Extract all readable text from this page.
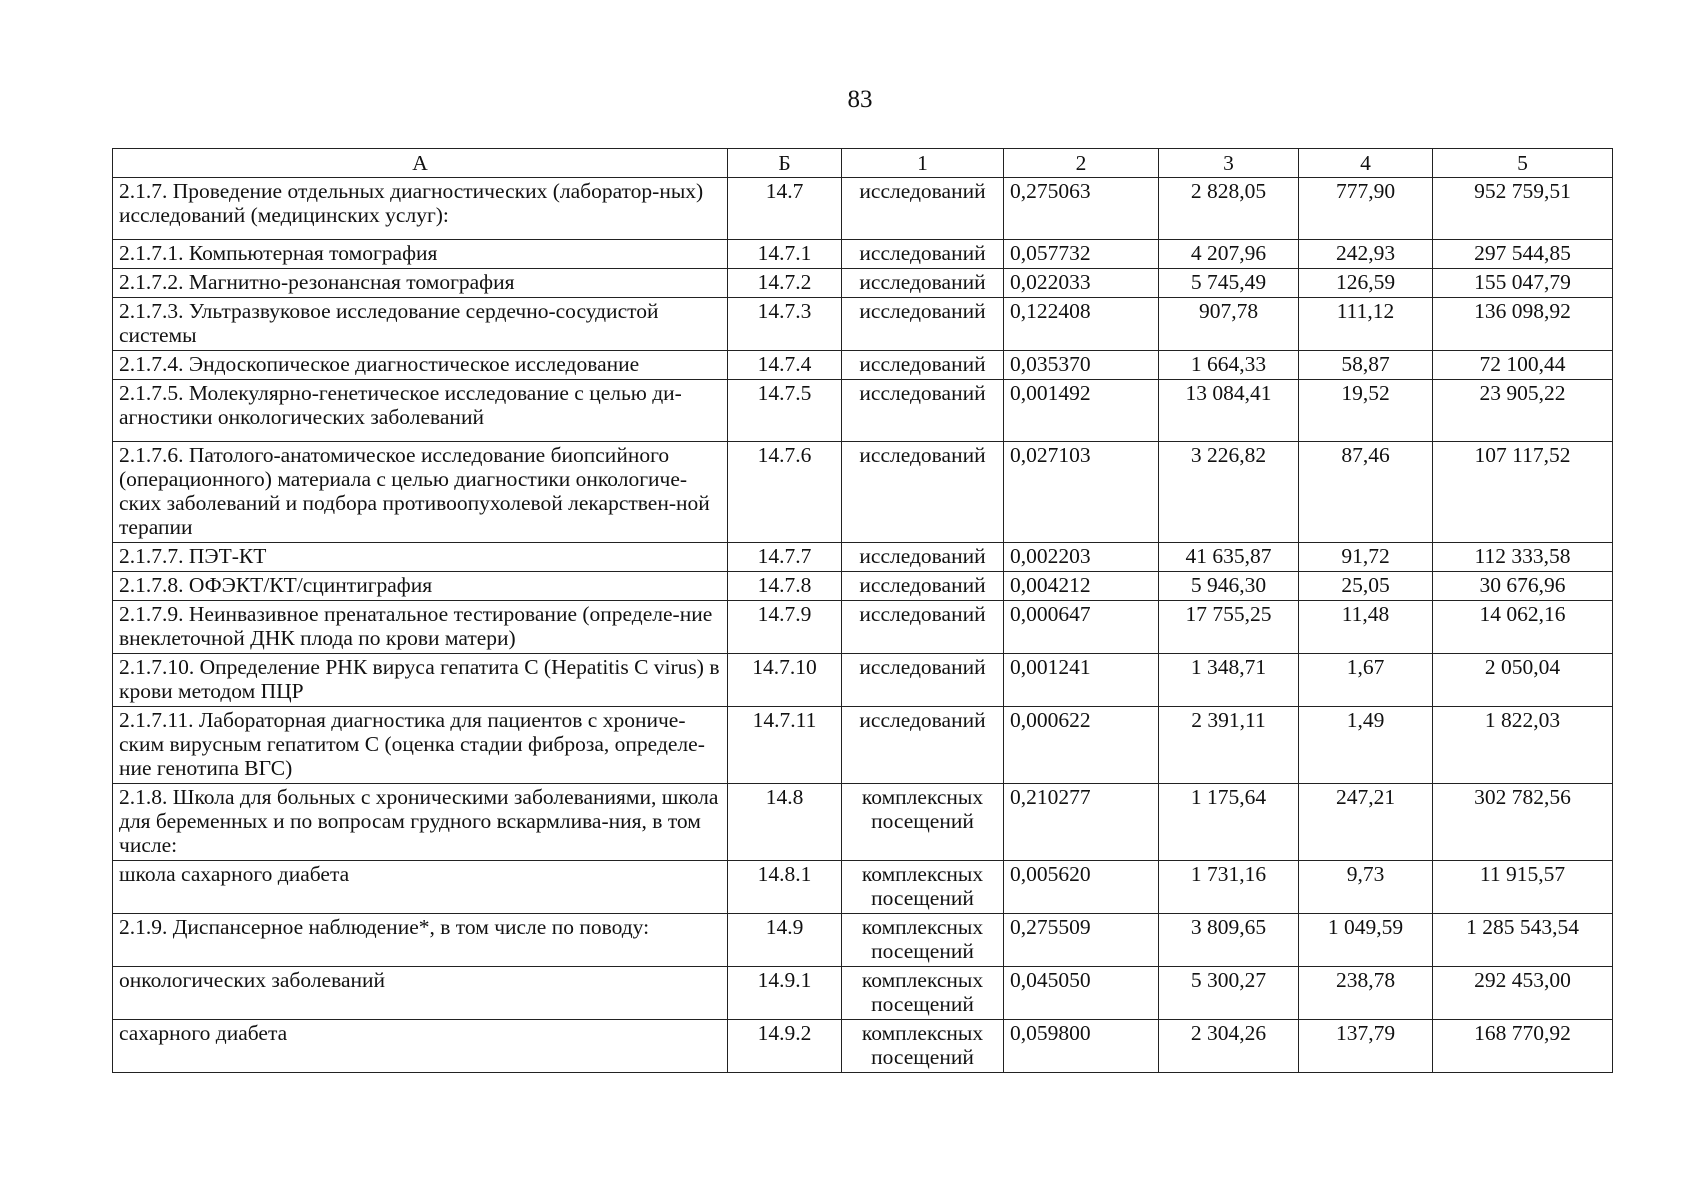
83
А	Б	1	2	3	4	5
2.1.7. Проведение отдельных диагностических (лаборатор-ных) исследований (медицинских услуг):	14.7	исследований	0,275063	2 828,05	777,90	952 759,51
2.1.7.1. Компьютерная томография	14.7.1	исследований	0,057732	4 207,96	242,93	297 544,85
2.1.7.2. Магнитно-резонансная томография	14.7.2	исследований	0,022033	5 745,49	126,59	155 047,79
2.1.7.3. Ультразвуковое исследование сердечно-сосудистой системы	14.7.3	исследований	0,122408	907,78	111,12	136 098,92
2.1.7.4. Эндоскопическое диагностическое исследование	14.7.4	исследований	0,035370	1 664,33	58,87	72 100,44
2.1.7.5. Молекулярно-генетическое исследование с целью ди-агностики онкологических заболеваний	14.7.5	исследований	0,001492	13 084,41	19,52	23 905,22
2.1.7.6. Патолого-анатомическое исследование биопсийного (операционного) материала с целью диагностики онкологиче-ских заболеваний и подбора противоопухолевой лекарствен-ной терапии	14.7.6	исследований	0,027103	3 226,82	87,46	107 117,52
2.1.7.7. ПЭТ-КТ	14.7.7	исследований	0,002203	41 635,87	91,72	112 333,58
2.1.7.8. ОФЭКТ/КТ/сцинтиграфия	14.7.8	исследований	0,004212	5 946,30	25,05	30 676,96
2.1.7.9. Неинвазивное пренатальное тестирование (определе-ние внеклеточной ДНК плода по крови матери)	14.7.9	исследований	0,000647	17 755,25	11,48	14 062,16
2.1.7.10. Определение РНК вируса гепатита С (Hepatitis С virus) в крови методом ПЦР	14.7.10	исследований	0,001241	1 348,71	1,67	2 050,04
2.1.7.11. Лабораторная диагностика для пациентов с хрониче-ским вирусным гепатитом С (оценка стадии фиброза, определе-ние генотипа ВГС)	14.7.11	исследований	0,000622	2 391,11	1,49	1 822,03
2.1.8. Школа для больных с хроническими заболеваниями, школа для беременных и по вопросам грудного вскармлива-ния, в том числе:	14.8	комплексных посещений	0,210277	1 175,64	247,21	302 782,56
школа сахарного диабета	14.8.1	комплексных посещений	0,005620	1 731,16	9,73	11 915,57
2.1.9. Диспансерное наблюдение*, в том числе по поводу:	14.9	комплексных посещений	0,275509	3 809,65	1 049,59	1 285 543,54
онкологических заболеваний	14.9.1	комплексных посещений	0,045050	5 300,27	238,78	292 453,00
сахарного диабета	14.9.2	комплексных посещений	0,059800	2 304,26	137,79	168 770,92
